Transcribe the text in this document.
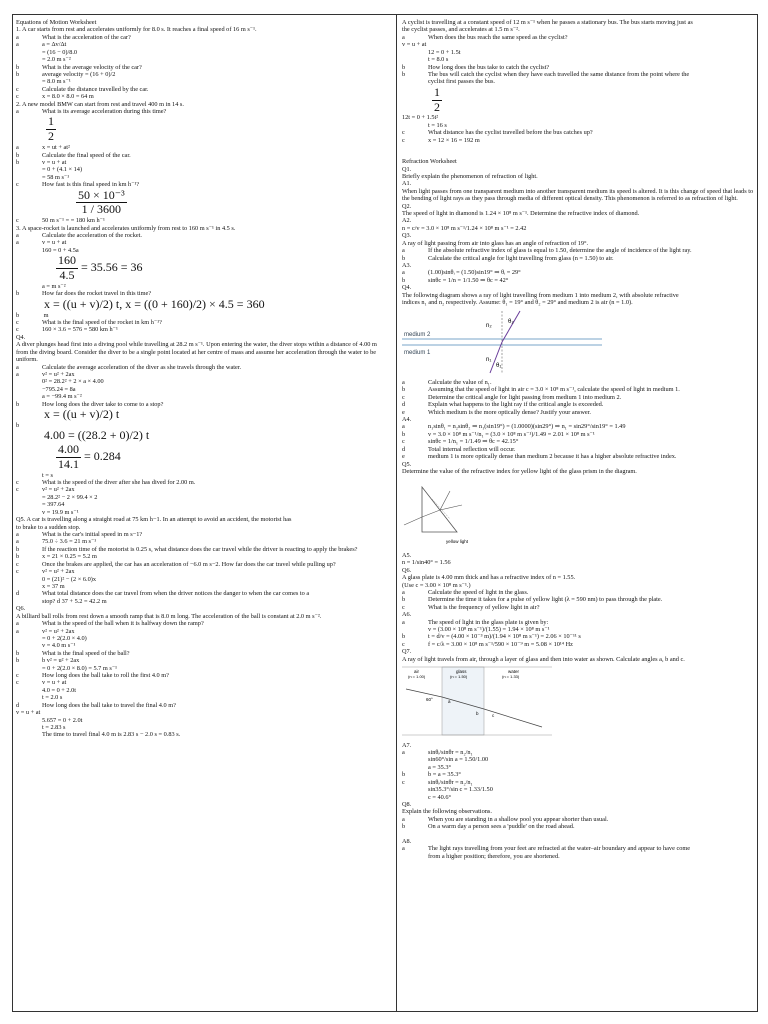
Equations of Motion Worksheet
1. A car starts from rest and accelerates uniformly for 8.0 s. It reaches a final speed of 16 m s⁻¹.
a	What is the acceleration of the car?
a	a = Δv/Δt
= (16 − 0)/8.0
= 2.0 m s⁻²
b	What is the average velocity of the car?
b	average velocity = (16 + 0)/2
= 8.0 m s⁻¹
c	Calculate the distance travelled by the car.
c	x = 8.0 × 8.0 = 64 m
2. A new model BMW can start from rest and travel 400 m in 14 s.
a	What is its average acceleration during this time?
$\frac{1}{2}$
a	x = ut + at²
b	Calculate the final speed of the car.
b	v = u + at
= 0 + (4.1 × 14)
= 58 m s⁻¹
c	How fast is this final speed in km h⁻¹?
$\frac{\text{50 × 10⁻³}}{1 / 3600}$
c	50 m s⁻¹ = = 180 km h⁻¹
3. A space-rocket is launched and accelerates uniformly from rest to 160 m s⁻¹ in 4.5 s.
a	Calculate the acceleration of the rocket.
a	v = u + at
160 = 0 + 4.5a
$\frac{160}{4.5} = 35.56 = 36$
a = m s⁻²
b	How far does the rocket travel in this time?
x = ((u + v)/2) t, x = ((0 + 160)/2) × 4.5 = 360
b	m
c	What is the final speed of the rocket in km h⁻¹?
c	160 × 3.6 = 576 = 580 km h⁻¹
Q4.
A diver plunges head first into a diving pool while travelling at 28.2 m s⁻¹. Upon entering the water, the diver stops within a distance of 4.00 m from the diving board. Consider the diver to be a single point located at her centre of mass and assume her acceleration through the water to be uniform.
a	Calculate the average acceleration of the diver as she travels through the water.
a	v² = u² + 2ax
0² = 28.2² + 2 × a × 4.00
−795.24 = 8a
a = −99.4 m s⁻²
b	How long does the diver take to come to a stop?
x = ((u + v)/2) t
b
4.00 = ((28.2 + 0)/2) t
$\frac{4.00}{14.1} = 0.284$
t = s
c	What is the speed of the diver after she has dived for 2.00 m.
c	v² = u² + 2ax
= 28.2² − 2 × 99.4 × 2
= 397.64
v = 19.9 m s⁻¹
Q5. A car is travelling along a straight road at 75 km h−1. In an attempt to avoid an accident, the motorist has
to brake to a sudden stop.
a	What is the car's initial speed in m s−1?
a	75.0 ÷ 3.6 = 21 m s⁻¹
b	If the reaction time of the motorist is 0.25 s, what distance does the car travel while the driver is reacting to apply the brakes?
b	x = 21 × 0.25 = 5.2 m
c	Once the brakes are applied, the car has an acceleration of −6.0 m s−2. How far does the car travel while pulling up?
c	v² = u² + 2ax
0 = (21)² − (2 × 6.0)x
x = 37 m
d	What total distance does the car travel from when the driver notices the danger to when the car comes to a
stop? d 37 + 5.2 = 42.2 m
Q6.
A billiard ball rolls from rest down a smooth ramp that is 8.0 m long. The acceleration of the ball is constant at 2.0 m s⁻².
a	What is the speed of the ball when it is halfway down the ramp?
a	v² = u² + 2ax
= 0 + 2(2.0 × 4.0)
v = 4.0 m s⁻¹
b	What is the final speed of the ball?
b	b v² = u² + 2ax
= 0 + 2(2.0 × 8.0) = 5.7 m s⁻¹
c	How long does the ball take to roll the first 4.0 m?
c	v = u + at
4.0 = 0 + 2.0t
t = 2.0 s
d	How long does the ball take to travel the final 4.0 m?
v = u + at
5.657 = 0 + 2.0t
t = 2.83 s
The time to travel final 4.0 m is 2.83 s − 2.0 s = 0.83 s.
A cyclist is travelling at a constant speed of 12 m s⁻¹ when he passes a stationary bus. The bus starts moving just as
the cyclist passes, and accelerates at 1.5 m s⁻².
a	When does the bus reach the same speed as the cyclist?
v = u + at
12 = 0 + 1.5t
t = 8.0 s
b	How long does the bus take to catch the cyclist?
b	The bus will catch the cyclist when they have each travelled the same distance from the point where the
cyclist first passes the bus.
$\frac{1}{2}$
12t = 0 + 1.5t²
t = 16 s
c	What distance has the cyclist travelled before the bus catches up?
c	x = 12 × 16 = 192 m
Refraction Worksheet
Q1.
Briefly explain the phenomenon of refraction of light.
A1.
When light passes from one transparent medium into another transparent medium its speed is altered. It is this change of speed that leads to the bending of light rays as they pass through media of different optical density. This phenomenon is referred to as refraction of light.
Q2.
The speed of light in diamond is 1.24 × 10⁸ m s⁻¹. Determine the refractive index of diamond.
A2.
n = c/v = 3.0 × 10⁸ m s⁻¹/1.24 × 10⁸ m s⁻¹ = 2.42
Q3.
A ray of light passing from air into glass has an angle of refraction of 19°.
a	If the absolute refractive index of glass is equal to 1.50, determine the angle of incidence of the light ray.
b	Calculate the critical angle for light travelling from glass (n = 1.50) to air.
A3.
a	(1.00)sinθᵢ = (1.50)sin19° ⇒ θᵢ = 29°
b	sinθc = 1/n = 1/1.50 ⇒ θc = 42°
Q4.
The following diagram shows a ray of light travelling from medium 1 into medium 2, with absolute refractive
indices n₁ and n₂ respectively. Assume: θ₁ = 19° and θ₂ = 29° and medium 2 is air (n = 1.0).
medium 2
medium 1
n₂
n₁
θ₂
θ₁
a	Calculate the value of n₁.
b	Assuming that the speed of light in air c = 3.0 × 10⁸ m s⁻¹, calculate the speed of light in medium 1.
c	Determine the critical angle for light passing from medium 1 into medium 2.
d	Explain what happens to the light ray if the critical angle is exceeded.
e	Which medium is the more optically dense? Justify your answer.
A4.
a	n₁sinθ₁ = n₂sinθ₂ ⇒ n₁(sin19°) = (1.0000)(sin29°) ⇒ n₁ = sin29°/sin19° = 1.49
b	v = 3.0 × 10⁸ m s⁻¹/n₁ = (3.0 × 10⁸ m s⁻¹)/1.49 = 2.01 × 10⁸ m s⁻¹
c	sinθc = 1/n₁ = 1/1.49 ⇒ θc = 42.15°
d	Total internal reflection will occur.
e	medium 1 is more optically dense than medium 2 because it has a higher absolute refractive index.
Q5.
Determine the value of the refractive index for yellow light of the glass prism in the diagram.
yellow light
A5.
n = 1/sin40° = 1.56
Q6.
A glass plate is 4.00 mm thick and has a refractive index of n = 1.55.
(Use c = 3.00 × 10⁸ m s⁻¹.)
a	Calculate the speed of light in the glass.
b	Determine the time it takes for a pulse of yellow light (λ = 590 nm) to pass through the plate.
c	What is the frequency of yellow light in air?
A6.
a	The speed of light in the glass plate is given by:
v = (3.00 × 10⁸ m s⁻¹)/(1.55) = 1.94 × 10⁸ m s⁻¹
b	t = d/v = (4.00 × 10⁻³ m)/(1.94 × 10⁸ m s⁻¹) = 2.06 × 10⁻¹¹ s
c	f = c/λ = 3.00 × 10⁸ m s⁻¹/590 × 10⁻⁹ m = 5.08 × 10¹⁴ Hz
Q7.
A ray of light travels from air, through a layer of glass and then into water as shown. Calculate angles a, b and c.
air
(n = 1.00)
glass
(n = 1.50)
water
(n = 1.33)
60°	a
b	c
A7.
a	sinθᵢ/sinθr = n₂/n₁
sin60°/sin a = 1.50/1.00
a = 35.3°
b	b = a = 35.3°
c	sinθᵢ/sinθr = n₂/n₁
sin35.3°/sin c = 1.33/1.50
c = 40.6°
Q8.
Explain the following observations.
a	When you are standing in a shallow pool you appear shorter than usual.
b	On a warm day a person sees a 'puddle' on the road ahead.
A8.
a	The light rays travelling from your feet are refracted at the water–air boundary and appear to have come
from a higher position; therefore, you are shortened.
